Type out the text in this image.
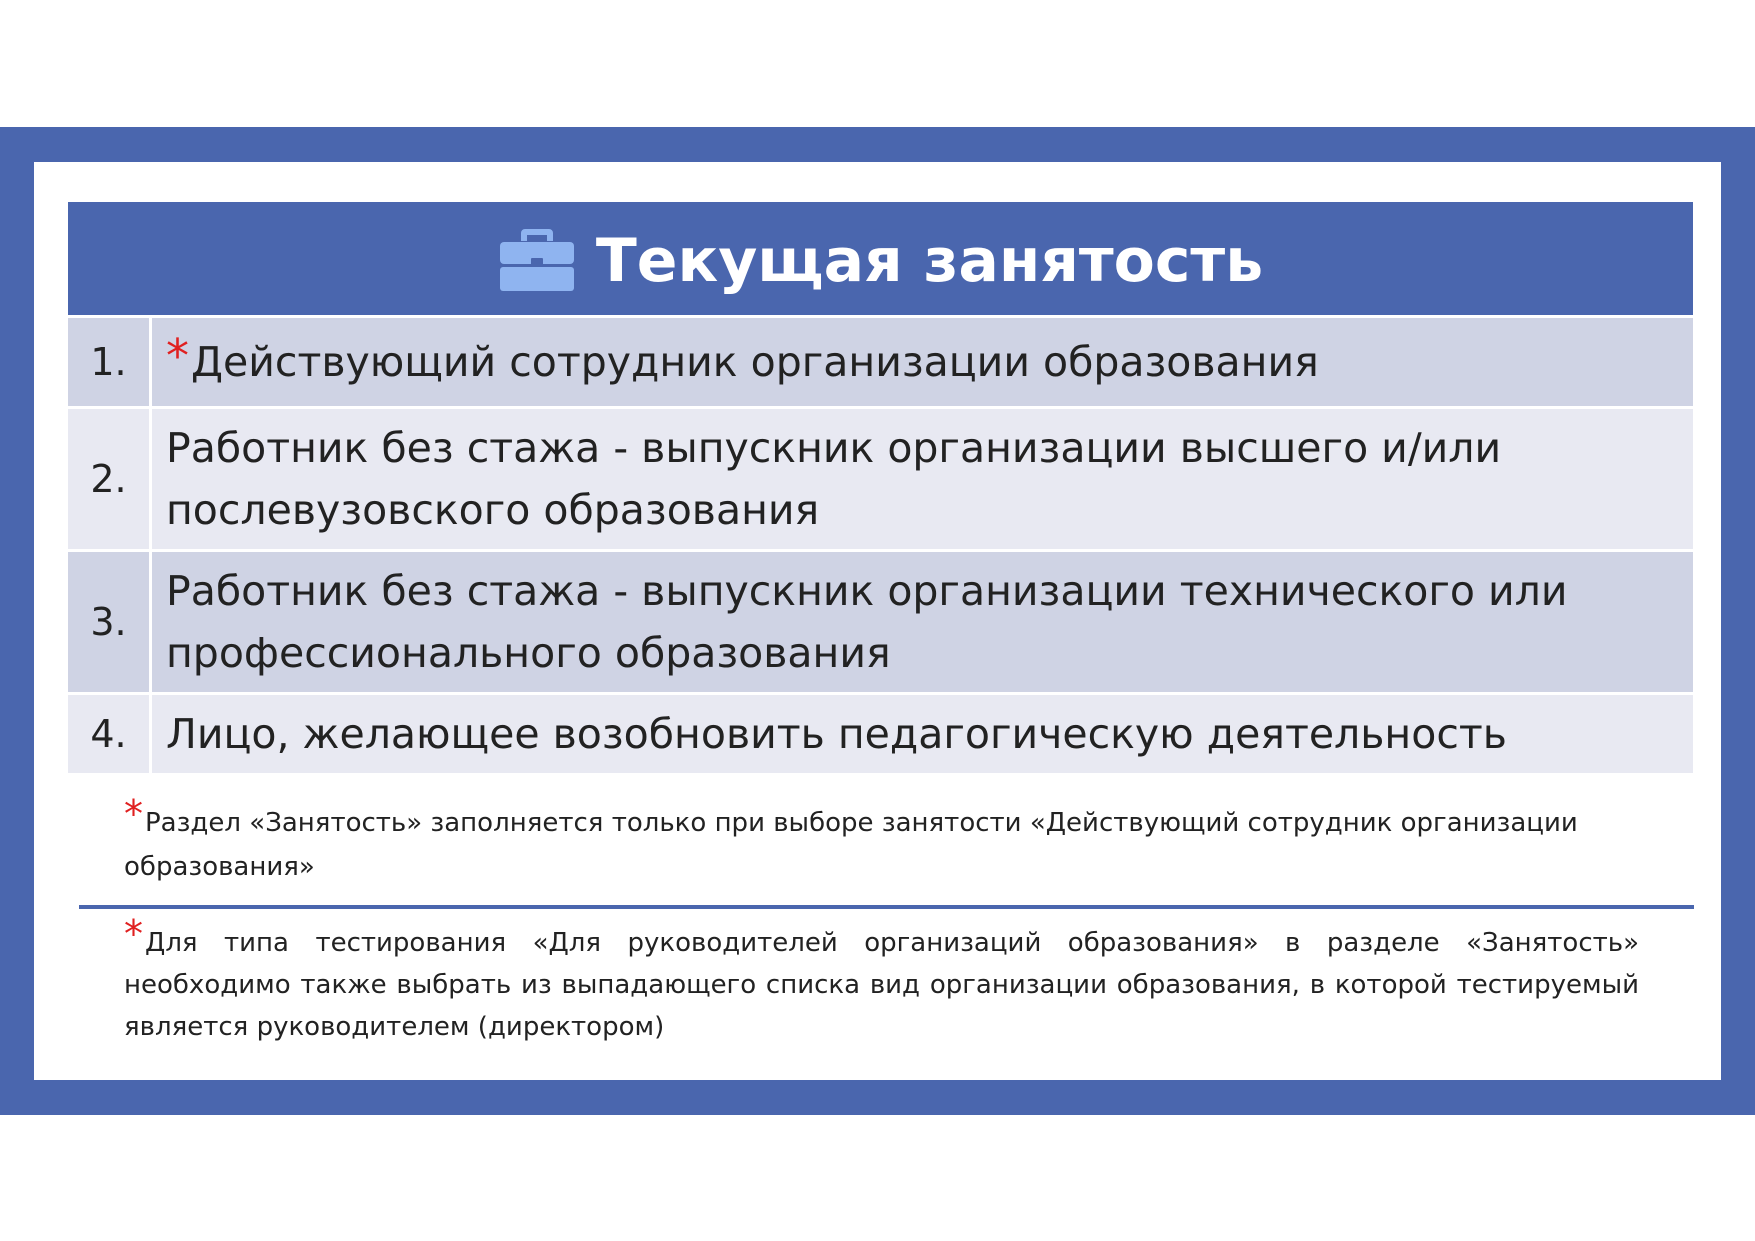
Текущая занятость
1. * Действующий сотрудник организации образования
2.
Работник без стажа - выпускник организации высшего и/или послевузовского образования
3.
Работник без стажа - выпускник организации технического или профессионального образования
4. Лицо, желающее возобновить педагогическую деятельность
*Раздел «Занятость» заполняется только при выборе занятости «Действующий сотрудник организации образования»
*Для типа тестирования «Для руководителей организаций образования» в разделе «Занятость» необходимо также выбрать из выпадающего списка вид организации образования, в которой тестируемый является руководителем (директором)
